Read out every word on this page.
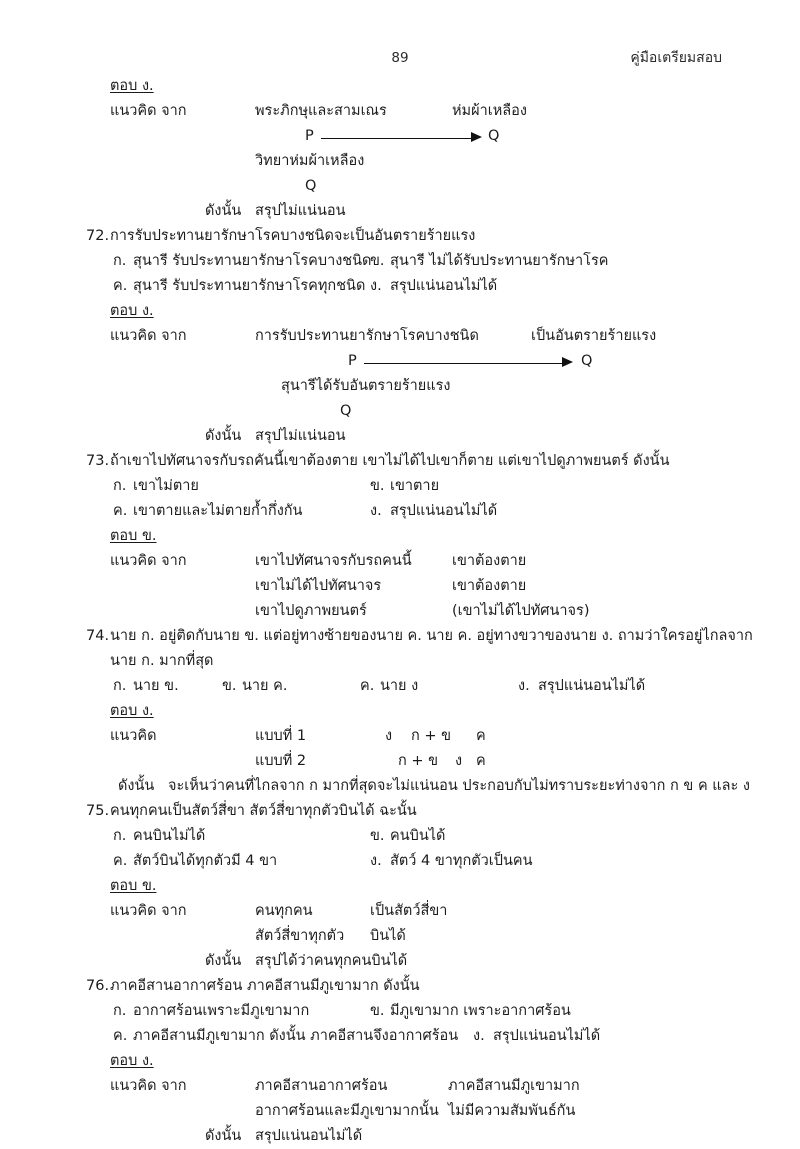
89	คู่มือเตรียมสอบ
ตอบ ง.
แนวคิด จาก	พระภิกษุและสามเณร	ห่มผ้าเหลือง
P	Q
วิทยาห่มผ้าเหลือง
Q
ดังนั้น สรุปไม่แน่นอน
72. การรับประทานยารักษาโรคบางชนิดจะเป็นอันตรายร้ายแรง
ก. สุนารี รับประทานยารักษาโรคบางชนิด
ข. สุนารี ไม่ได้รับประทานยารักษาโรค
ค. สุนารี รับประทานยารักษาโรคทุกชนิด ง. สรุปแน่นอนไม่ได้
ตอบ ง.
แนวคิด จาก	การรับประทานยารักษาโรคบางชนิด	เป็นอันตรายร้ายแรง
P	Q
สุนารีได้รับอันตรายร้ายแรง
Q
ดังนั้น สรุปไม่แน่นอน
73. ถ้าเขาไปทัศนาจรกับรถคันนี้เขาต้องตาย เขาไม่ได้ไปเขาก็ตาย แต่เขาไปดูภาพยนตร์ ดังนั้น
ก. เขาไม่ตาย	ข. เขาตาย
ค. เขาตายและไม่ตายก้ำกึ่งกัน	ง. สรุปแน่นอนไม่ได้
ตอบ ข.
แนวคิด จาก	เขาไปทัศนาจรกับรถคนนี้	เขาต้องตาย
เขาไม่ได้ไปทัศนาจร	เขาต้องตาย
เขาไปดูภาพยนตร์	(เขาไม่ได้ไปทัศนาจร)
74. นาย ก. อยู่ติดกับนาย ข. แต่อยู่ทางซ้ายของนาย ค. นาย ค. อยู่ทางขวาของนาย ง. ถามว่าใครอยู่ไกลจาก
นาย ก. มากที่สุด
ก. นาย ข.	ข. นาย ค.	ค. นาย ง	ง. สรุปแน่นอนไม่ได้
ตอบ ง.
แนวคิด	แบบที่ 1	ง ก + ข ค
แบบที่ 2	ก + ข ง ค
ดังนั้น จะเห็นว่าคนที่ไกลจาก ก มากที่สุดจะไม่แน่นอน ประกอบกับไม่ทราบระยะท่างจาก ก ข ค และ ง
75. คนทุกคนเป็นสัตว์สี่ขา สัตว์สี่ขาทุกตัวบินได้ ฉะนั้น
ก. คนบินไม่ได้	ข. คนบินได้
ค. สัตว์บินได้ทุกตัวมี 4 ขา	ง. สัตว์ 4 ขาทุกตัวเป็นคน
ตอบ ข.
แนวคิด จาก	คนทุกคน	เป็นสัตว์สี่ขา
สัตว์สี่ขาทุกตัว บินได้
ดังนั้น สรุปได้ว่าคนทุกคนบินได้
76. ภาคอีสานอากาศร้อน ภาคอีสานมีภูเขามาก ดังนั้น
ก. อากาศร้อนเพราะมีภูเขามาก	ข. มีภูเขามาก เพราะอากาศร้อน
ค. ภาคอีสานมีภูเขามาก ดังนั้น ภาคอีสานจึงอากาศร้อน ง. สรุปแน่นอนไม่ได้
ตอบ ง.
แนวคิด จาก	ภาคอีสานอากาศร้อน	ภาคอีสานมีภูเขามาก
อากาศร้อนและมีภูเขามากนั้น ไม่มีความสัมพันธ์กัน
ดังนั้น สรุปแน่นอนไม่ได้
